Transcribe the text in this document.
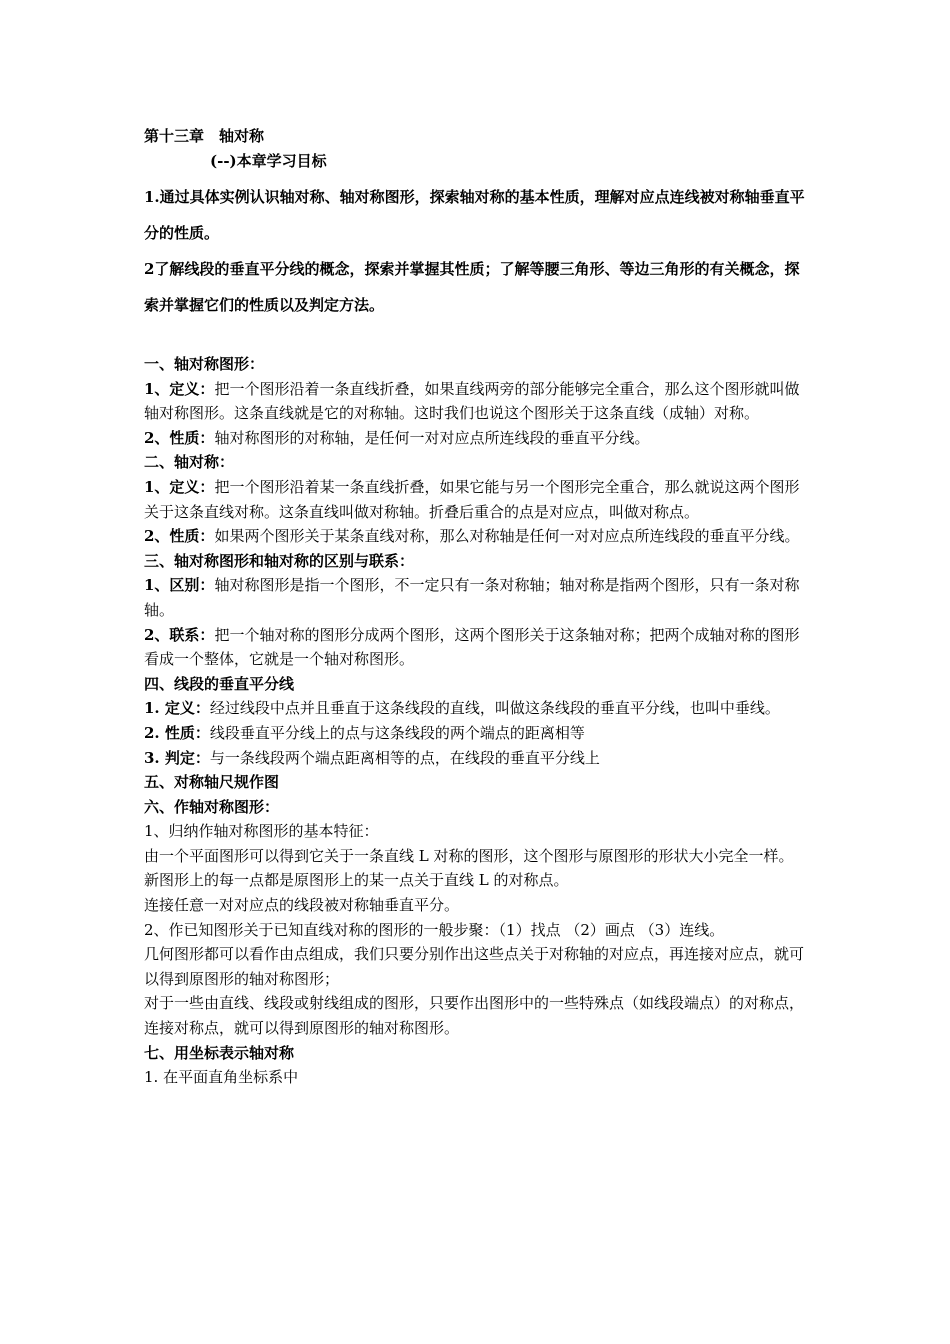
第十三章　轴对称

(--)本章学习目标

1.通过具体实例认识轴对称、轴对称图形，探索轴对称的基本性质，理解对应点连线被对称轴垂直平分的性质。

2了解线段的垂直平分线的概念，探索并掌握其性质；了解等腰三角形、等边三角形的有关概念，探索并掌握它们的性质以及判定方法。

一、轴对称图形：

1、定义：把一个图形沿着一条直线折叠，如果直线两旁的部分能够完全重合，那么这个图形就叫做轴对称图形。这条直线就是它的对称轴。这时我们也说这个图形关于这条直线（成轴）对称。

2、性质：轴对称图形的对称轴，是任何一对对应点所连线段的垂直平分线。

二、轴对称：

1、定义：把一个图形沿着某一条直线折叠，如果它能与另一个图形完全重合，那么就说这两个图形关于这条直线对称。这条直线叫做对称轴。折叠后重合的点是对应点，叫做对称点。

2、性质：如果两个图形关于某条直线对称，那么对称轴是任何一对对应点所连线段的垂直平分线。

三、轴对称图形和轴对称的区别与联系：

1、区别：轴对称图形是指一个图形，不一定只有一条对称轴；轴对称是指两个图形，只有一条对称轴。

2、联系：把一个轴对称的图形分成两个图形，这两个图形关于这条轴对称；把两个成轴对称的图形看成一个整体，它就是一个轴对称图形。

四、线段的垂直平分线

1. 定义：经过线段中点并且垂直于这条线段的直线，叫做这条线段的垂直平分线，也叫中垂线。

2. 性质：线段垂直平分线上的点与这条线段的两个端点的距离相等

3. 判定：与一条线段两个端点距离相等的点，在线段的垂直平分线上

五、对称轴尺规作图

六、作轴对称图形：

1、归纳作轴对称图形的基本特征：

由一个平面图形可以得到它关于一条直线 L 对称的图形，这个图形与原图形的形状大小完全一样。

新图形上的每一点都是原图形上的某一点关于直线 L 的对称点。

连接任意一对对应点的线段被对称轴垂直平分。

2、作已知图形关于已知直线对称的图形的一般步聚：（1）找点 （2）画点 （3）连线。

几何图形都可以看作由点组成，我们只要分别作出这些点关于对称轴的对应点，再连接对应点，就可以得到原图形的轴对称图形；

对于一些由直线、线段或射线组成的图形，只要作出图形中的一些特殊点（如线段端点）的对称点，连接对称点，就可以得到原图形的轴对称图形。

七、用坐标表示轴对称

1. 在平面直角坐标系中
